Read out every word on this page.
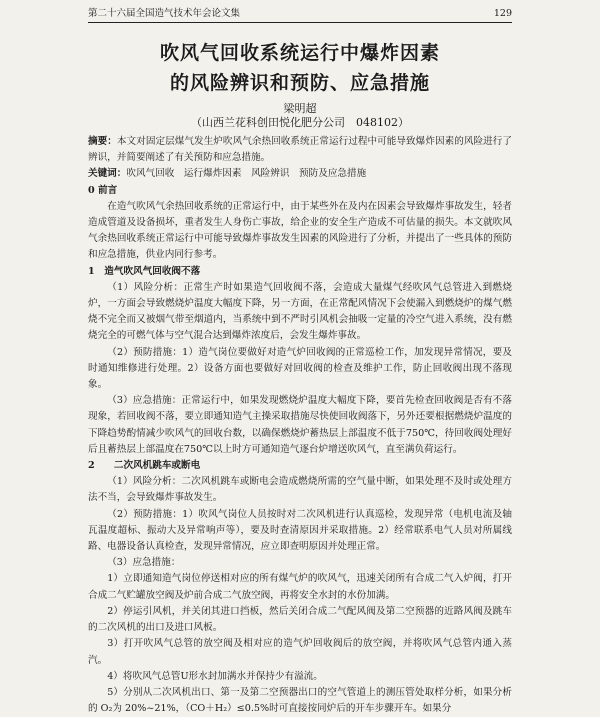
第二十六届全国造气技术年会论文集	129
吹风气回收系统运行中爆炸因素
的风险辨识和预防、应急措施
梁明超
（山西兰花科创田悦化肥分公司　048102）

摘要：本文对固定层煤气发生炉吹风气余热回收系统正常运行过程中可能导致爆炸因素的风险进行了辨识，并简要阐述了有关预防和应急措施。

关键词：吹风气回收　运行爆炸因素　风险辨识　预防及应急措施

0 前言

在造气吹风气余热回收系统的正常运行中，由于某些外在及内在因素会导致爆炸事故发生，轻者造成管道及设备损坏，重者发生人身伤亡事故，给企业的安全生产造成不可估量的损失。本文就吹风气余热回收系统正常运行中可能导致爆炸事故发生因素的风险进行了分析，并提出了一些具体的预防和应急措施，供业内同行参考。

1　造气吹风气回收阀不落

（1）风险分析：正常生产时如果造气回收阀不落，会造成大量煤气经吹风气总管进入到燃烧炉，一方面会导致燃烧炉温度大幅度下降，另一方面，在正常配风情况下会使漏入到燃烧炉的煤气燃烧不完全而又被烟气带至烟道内，当系统中到不严时引风机会抽吸一定量的冷空气进入系统，没有燃烧完全的可燃气体与空气混合达到爆炸浓度后，会发生爆炸事故。

（2）预防措施：1）造气岗位要做好对造气炉回收阀的正常巡检工作，加发现异常情况，要及时通知维修进行处理。2）设备方面也要做好对回收阀的检查及维护工作，防止回收阀出现不落现象。

（3）应急措施：正常运行中，如果发现燃烧炉温度大幅度下降，要首先检查回收阀是否有不落现象，若回收阀不落，要立即通知造气主操采取措施尽快使回收阀落下，另外还要根据燃烧炉温度的下降趋势酌情减少吹风气的回收台数，以确保燃烧炉蓄热层上部温度不低于750℃，待回收阀处理好后且蓄热层上部温度在750℃以上时方可通知造气逐台炉增送吹风气，直至满负荷运行。

2　　二次风机跳车或断电

（1）风险分析：二次风机跳车或断电会造成燃烧所需的空气量中断，如果处理不及时或处理方法不当，会导致爆炸事故发生。

（2）预防措施：1）吹风气岗位人员按时对二次风机进行认真巡检，发现异常（电机电流及轴瓦温度超标、振动大及异常响声等），要及时查清原因并采取措施。2）经常联系电气人员对所属线路、电器设备认真检查，发现异常情况，应立即查明原因并处理正常。

（3）应急措施：

1）立即通知造气岗位停送相对应的所有煤气炉的吹风气，迅速关闭所有合成二气入炉阀，打开合成二气贮罐放空阀及炉前合成二气放空阀，再将安全水封的水份加满。

2）停运引风机，并关闭其进口挡板，然后关闭合成二气配风阀及第二空预器的近路风阀及跳车的二次风机的出口及进口风板。

3）打开吹风气总管的放空阀及相对应的造气炉回收阀后的放空阀，并将吹风气总管内通入蒸汽。

4）将吹风气总管U形水封加满水并保持少有溢流。

5）分别从二次风机出口、第一及第二空预器出口的空气管道上的测压管处取样分析，如果分析的 O₂为 20%~21%，（CO＋H₂）≤0.5%时可直接按同炉后的开车步骤开车。如果分
